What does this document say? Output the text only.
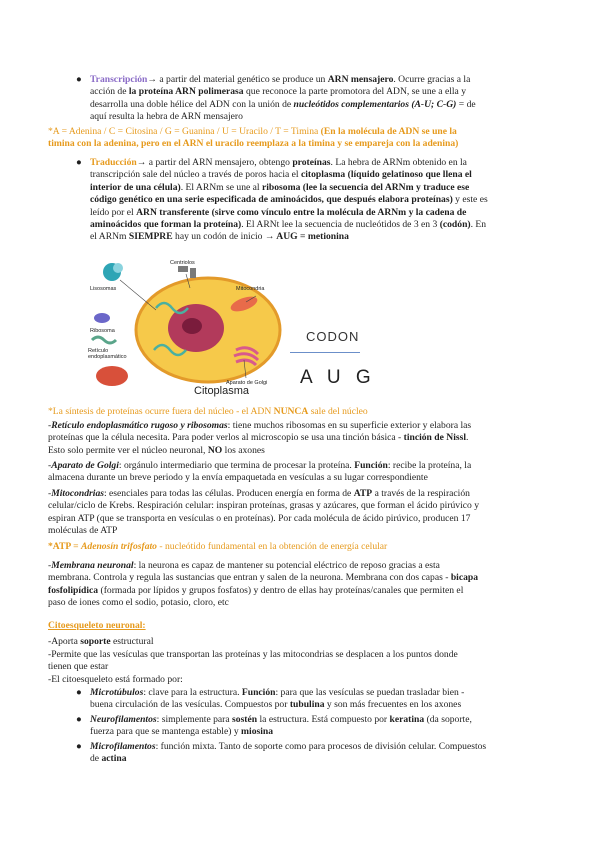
● Transcripción→ a partir del material genético se produce un ARN mensajero. Ocurre gracias a la
acción de la proteína ARN polimerasa que reconoce la parte promotora del ADN, se une a ella y
desarrolla una doble hélice del ADN con la unión de nucleótidos complementarios (A-U; C-G) = de
aquí resulta la hebra de ARN mensajero

*A = Adenina / C = Citosina / G = Guanina / U = Uracilo / T = Timina (En la molécula de ADN se une la
timina con la adenina, pero en el ARN el uracilo reemplaza a la timina y se empareja con la adenina)

● Traducción→ a partir del ARN mensajero, obtengo proteínas. La hebra de ARNm obtenido en la
transcripción sale del núcleo a través de poros hacia el citoplasma (líquido gelatinoso que llena el
interior de una célula). El ARNm se une al ribosoma (lee la secuencia del ARNm y traduce ese
código genético en una serie especificada de aminoácidos, que después elabora proteínas) y este es
leído por el ARN transferente (sirve como vínculo entre la molécula de ARNm y la cadena de
aminoácidos que forman la proteína). El ARNt lee la secuencia de nucleótidos de 3 en 3 (codón). En
el ARNm SIEMPRE hay un codón de inicio → AUG = metionina

Lisosomas
Centriolos
Mitocondria
Ribosoma
Retículo
endoplasmático
Aparato de Golgi
Citoplasma
CODON
A U G

*La síntesis de proteínas ocurre fuera del núcleo - el ADN NUNCA sale del núcleo

-Retículo endoplasmático rugoso y ribosomas: tiene muchos ribosomas en su superficie exterior y elabora las
proteínas que la célula necesita. Para poder verlos al microscopio se usa una tinción básica - tinción de Nissl.
Esto solo permite ver el núcleo neuronal, NO los axones

-Aparato de Golgi: orgánulo intermediario que termina de procesar la proteína. Función: recibe la proteína, la
almacena durante un breve periodo y la envía empaquetada en vesículas a su lugar correspondiente

-Mitocondrias: esenciales para todas las células. Producen energía en forma de ATP a través de la respiración
celular/ciclo de Krebs. Respiración celular: inspiran proteínas, grasas y azúcares, que forman el ácido pirúvico y
espiran ATP (que se transporta en vesículas o en proteínas). Por cada molécula de ácido pirúvico, producen 17
moléculas de ATP

*ATP = Adenosín trifosfato - nucleótido fundamental en la obtención de energía celular

-Membrana neuronal: la neurona es capaz de mantener su potencial eléctrico de reposo gracias a esta
membrana. Controla y regula las sustancias que entran y salen de la neurona. Membrana con dos capas - bicapa
fosfolipídica (formada por lípidos y grupos fosfatos) y dentro de ellas hay proteínas/canales que permiten el
paso de iones como el sodio, potasio, cloro, etc

Citoesqueleto neuronal:

-Aporta soporte estructural
-Permite que las vesículas que transportan las proteínas y las mitocondrias se desplacen a los puntos donde
tienen que estar
-El citoesqueleto está formado por:

● Microtúbulos: clave para la estructura. Función: para que las vesículas se puedan trasladar bien -
buena circulación de las vesículas. Compuestos por tubulina y son más frecuentes en los axones

● Neurofilamentos: simplemente para sostén la estructura. Está compuesto por keratina (da soporte,
fuerza para que se mantenga estable) y miosina

● Microfilamentos: función mixta. Tanto de soporte como para procesos de división celular. Compuestos
de actina
